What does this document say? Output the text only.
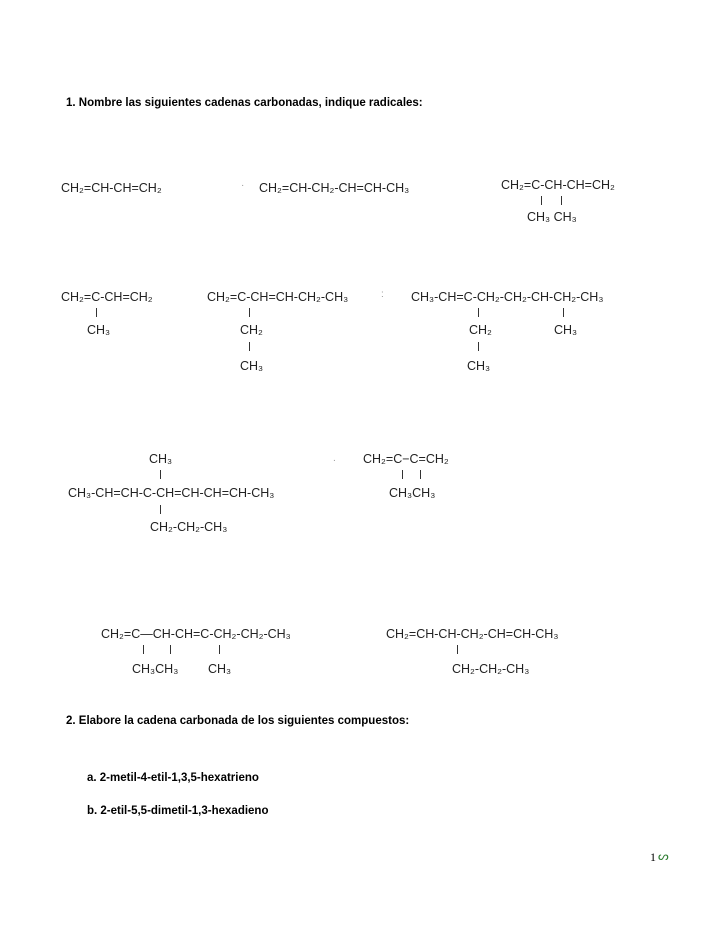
1. Nombre las siguientes cadenas carbonadas, indique radicales:
CH₂=CH-CH=CH₂	· CH₂=CH-CH₂-CH=CH-CH₃	CH₂=C-CH-CH=CH₂
CH₃ CH₃
CH₂=C-CH=CH₂
CH₃
CH₂=C-CH=CH-CH₂-CH₃
CH₂
CH₃
: CH₃-CH=C-CH₂-CH₂-CH-CH₂-CH₃
CH₂	CH₃
CH₃
CH₃
CH₃-CH=CH-C-CH=CH-CH=CH-CH₃
CH₂-CH₂-CH₃
. CH₂=C−C=CH₂
CH₃CH₃
CH₂=C—CH-CH=C-CH₂-CH₂-CH₃
CH₃CH₃ CH₃
CH₂=CH-CH-CH₂-CH=CH-CH₃
CH₂-CH₂-CH₃
2. Elabore la cadena carbonada de los siguientes compuestos:
a. 2-metil-4-etil-1,3,5-hexatrieno
b. 2-etil-5,5-dimetil-1,3-hexadieno
1 ᔕ
